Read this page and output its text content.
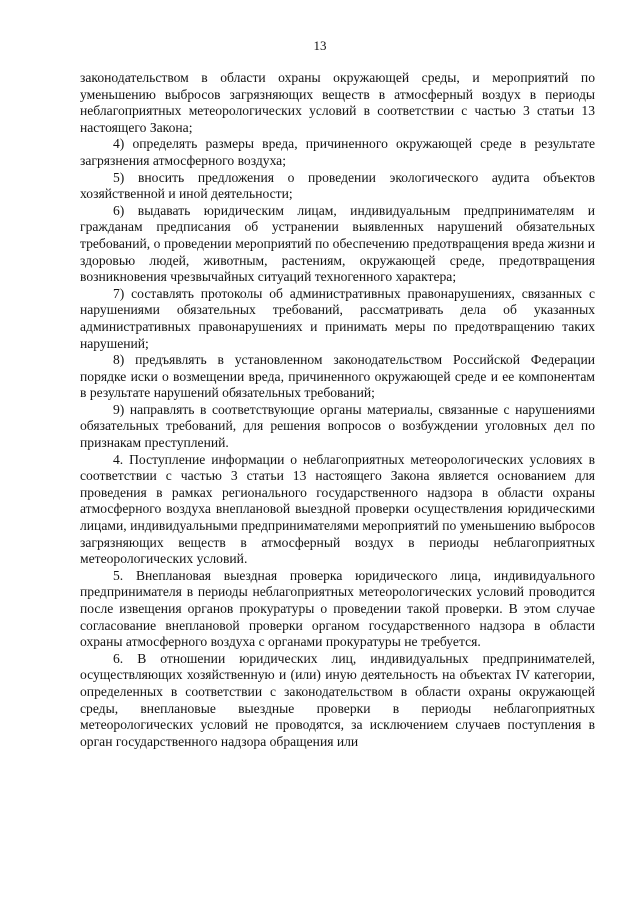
13

законодательством в области охраны окружающей среды, и мероприятий по уменьшению выбросов загрязняющих веществ в атмосферный воздух в периоды неблагоприятных метеорологических условий в соответствии с частью 3 статьи 13 настоящего Закона;

4) определять размеры вреда, причиненного окружающей среде в результате загрязнения атмосферного воздуха;

5) вносить предложения о проведении экологического аудита объектов хозяйственной и иной деятельности;

6) выдавать юридическим лицам, индивидуальным предпринимателям и гражданам предписания об устранении выявленных нарушений обязательных требований, о проведении мероприятий по обеспечению предотвращения вреда жизни и здоровью людей, животным, растениям, окружающей среде, предотвращения возникновения чрезвычайных ситуаций техногенного характера;

7) составлять протоколы об административных правонарушениях, связанных с нарушениями обязательных требований, рассматривать дела об указанных административных правонарушениях и принимать меры по предотвращению таких нарушений;

8) предъявлять в установленном законодательством Российской Федерации порядке иски о возмещении вреда, причиненного окружающей среде и ее компонентам в результате нарушений обязательных требований;

9) направлять в соответствующие органы материалы, связанные с нарушениями обязательных требований, для решения вопросов о возбуждении уголовных дел по признакам преступлений.

4. Поступление информации о неблагоприятных метеорологических условиях в соответствии с частью 3 статьи 13 настоящего Закона является основанием для проведения в рамках регионального государственного надзора в области охраны атмосферного воздуха внеплановой выездной проверки осуществления юридическими лицами, индивидуальными предпринимателями мероприятий по уменьшению выбросов загрязняющих веществ в атмосферный воздух в периоды неблагоприятных метеорологических условий.

5. Внеплановая выездная проверка юридического лица, индивидуального предпринимателя в периоды неблагоприятных метеорологических условий проводится после извещения органов прокуратуры о проведении такой проверки. В этом случае согласование внеплановой проверки органом государственного надзора в области охраны атмосферного воздуха с органами прокуратуры не требуется.

6. В отношении юридических лиц, индивидуальных предпринимателей, осуществляющих хозяйственную и (или) иную деятельность на объектах IV категории, определенных в соответствии с законодательством в области охраны окружающей среды, внеплановые выездные проверки в периоды неблагоприятных метеорологических условий не проводятся, за исключением случаев поступления в орган государственного надзора обращения или
